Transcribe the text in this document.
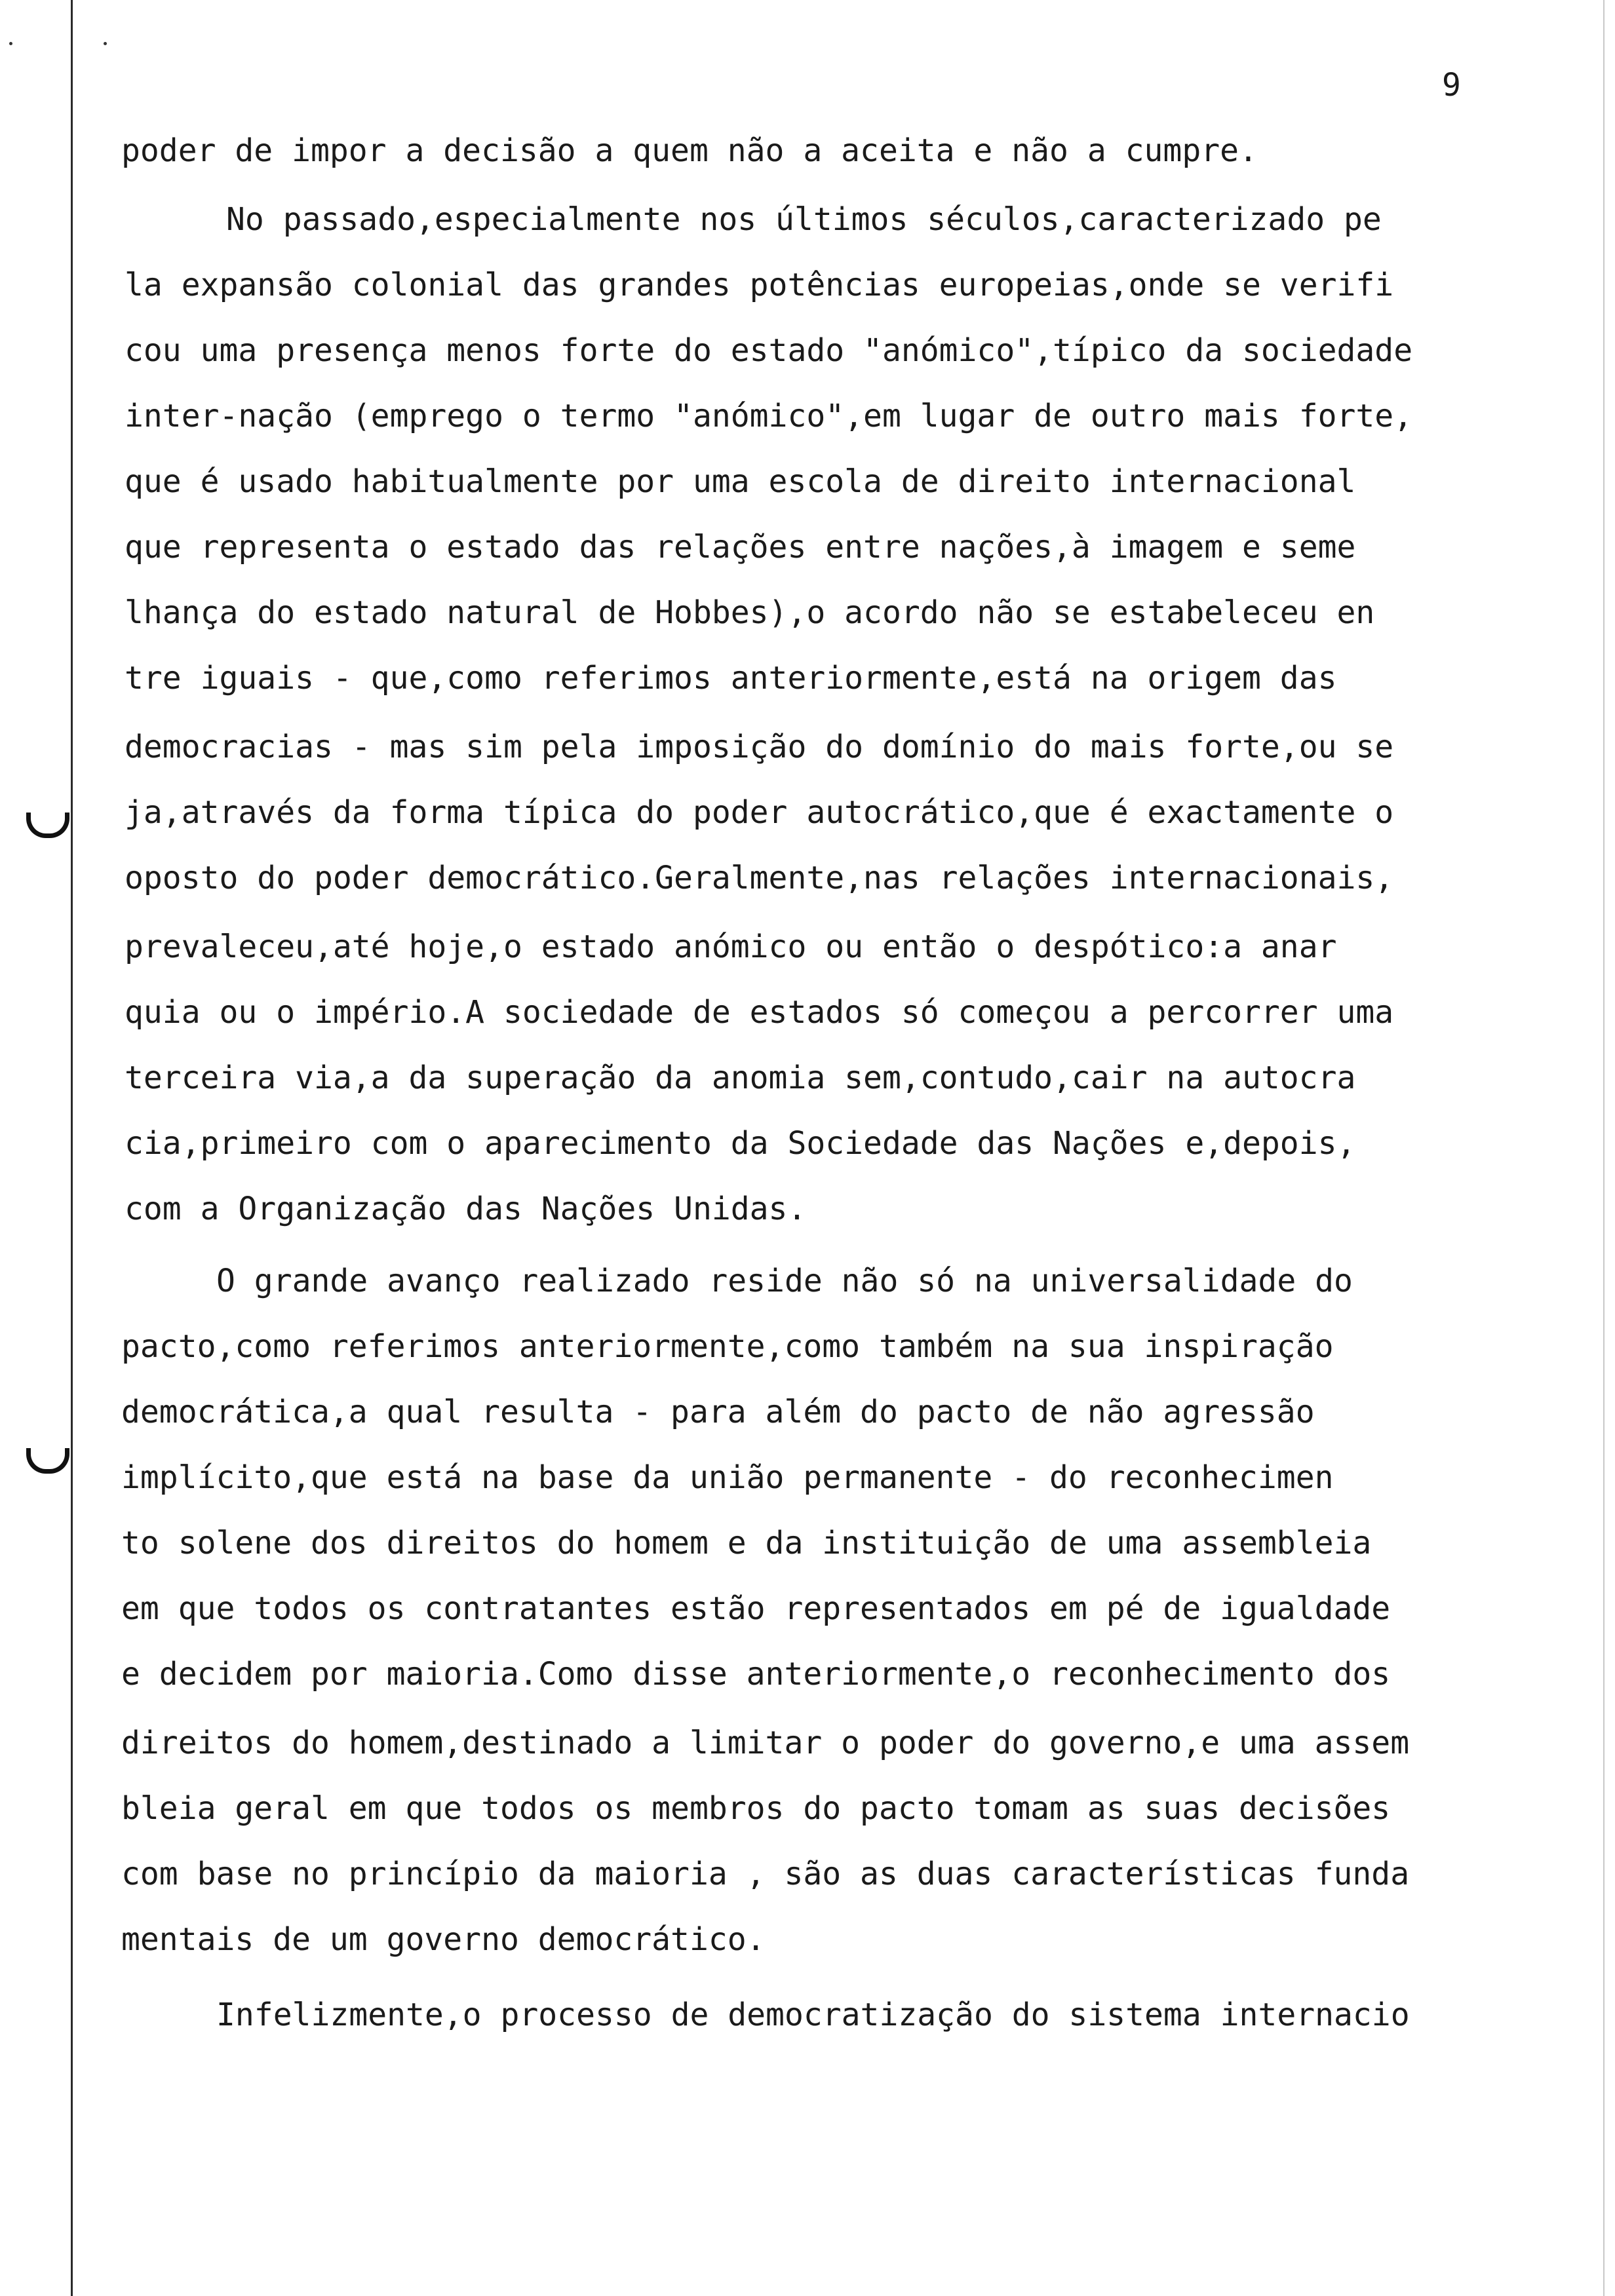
9

poder de impor a decisão a quem não a aceita e não a cumpre.

No passado,especialmente nos últimos séculos,caracterizado pe

la expansão colonial das grandes potências europeias,onde se verifi

cou uma presença menos forte do estado "anómico",típico da sociedade

inter-nação (emprego o termo "anómico",em lugar de outro mais forte,

que é usado habitualmente por uma escola de direito internacional

que representa o estado das relações entre nações,à imagem e seme

lhança do estado natural de Hobbes),o acordo não se estabeleceu en

tre iguais - que,como referimos anteriormente,está na origem das

democracias - mas sim pela imposição do domínio do mais forte,ou se

ja,através da forma típica do poder autocrático,que é exactamente o

oposto do poder democrático.Geralmente,nas relações internacionais,

prevaleceu,até hoje,o estado anómico ou então o despótico:a anar

quia ou o império.A sociedade de estados só começou a percorrer uma

terceira via,a da superação da anomia sem,contudo,cair na autocra

cia,primeiro com o aparecimento da Sociedade das Nações e,depois,

com a Organização das Nações Unidas.

O grande avanço realizado reside não só na universalidade do

pacto,como referimos anteriormente,como também na sua inspiração

democrática,a qual resulta - para além do pacto de não agressão

implícito,que está na base da união permanente - do reconhecimen

to solene dos direitos do homem e da instituição de uma assembleia

em que todos os contratantes estão representados em pé de igualdade

e decidem por maioria.Como disse anteriormente,o reconhecimento dos

direitos do homem,destinado a limitar o poder do governo,e uma assem

bleia geral em que todos os membros do pacto tomam as suas decisões

com base no princípio da maioria , são as duas características funda

mentais de um governo democrático.

Infelizmente,o processo de democratização do sistema internacio
